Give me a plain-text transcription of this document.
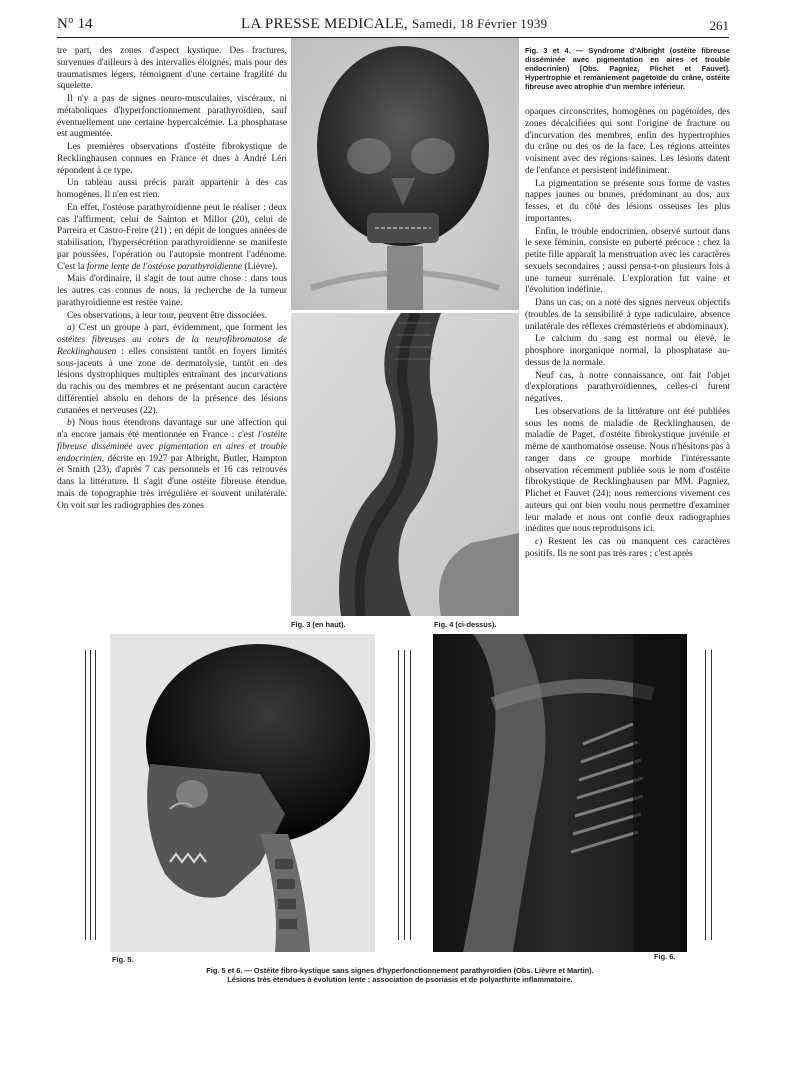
N° 14	LA PRESSE MEDICALE, Samedi, 18 Février 1939	261

tre part, des zones d'aspect kystique. Des fractures, survenues d'ailleurs à des intervalles éloignés, mais pour des traumatismes légers, témoignent d'une certaine fragilité du squelette.

Il n'y a pas de signes neuro-musculaires, viscéraux, ni métaboliques d'hyperfonctionnement parathyroïdien, sauf éventuellement une certaine hypercalcémie. La phosphatase est augmentée.

Les premières observations d'ostéite fibrokystique de Recklinghausen connues en France et dues à André Léri répondent à ce type.

Un tableau aussi précis paraît appartenir à des cas homogènes. Il n'en est rien.

En effet, l'ostéose parathyroïdienne peut le réaliser : deux cas l'affirment, celui de Sainton et Millot (20), celui de Parreira et Castro-Freire (21) ; en dépit de longues années de stabilisation, l'hypersécrétion parathyroïdienne se manifeste par poussées, l'opération ou l'autopsie montrent l'adénome. C'est la forme lente de l'ostéose parathyroïdienne (Lièvre).

Mais d'ordinaire, il s'agit de tout autre chose : dans tous les autres cas connus de nous, la recherche de la tumeur parathyroïdienne est restée vaine.

Ces observations, à leur tour, peuvent être dissociées.

a) C'est un groupe à part, évidemment, que forment les ostéites fibreuses au cours de la neurofibromatose de Recklinghausen : elles consistent tantôt en foyers limités sous-jacents à une zone de dermatolysie, tantôt en des lésions dystrophiques multiples entraînant des incurvations du rachis ou des membres et ne présentant aucun caractère différentiel absolu en dehors de la présence des lésions cutanées et nerveuses (22).

b) Nous nous étendrons davantage sur une affection qui n'a encore jamais été mentionnée en France : c'est l'ostéite fibreuse disséminée avec pigmentation en aires et trouble endocrinien, décrite en 1927 par Albright, Butler, Hampton et Smith (23), d'après 7 cas personnels et 16 cas retrouvés dans la littérature. Il s'agit d'une ostéite fibreuse étendue, mais de topographie très irrégulière et souvent unilatérale. On voit sur les radiographies des zones

Fig. 3 et 4. — Syndrome d'Albright (ostéite fibreuse disséminée avec pigmentation en aires et trouble endocrinien) [Obs. Pagniez, Plichet et Fauvet]. Hypertrophie et remaniement pagétoïde du crâne, ostéite fibreuse avec atrophie d'un membre inférieur.

opaques circonscrites, homogènes ou pagétoïdes, des zones décalcifiées qui sont l'origine de fracture ou d'incurvation des membres, enfin des hypertrophies du crâne ou des os de la face. Les régions atteintes voisinent avec des régions saines. Les lésions datent de l'enfance et persistent indéfiniment.

La pigmentation se présente sous forme de vastes nappes jaunes ou brunes, prédominant au dos, aux fesses, et du côté des lésions osseuses les plus importantes.

Enfin, le trouble endocrinien, observé surtout dans le sexe féminin, consiste en puberté précoce : chez la petite fille apparaît la menstruation avec les caractères sexuels secondaires ; aussi pensa-t-on plusieurs fois à une tumeur surrénale. L'exploration fut vaine et l'évolution indéfinie.

Dans un cas, on a noté des signes nerveux objectifs (troubles de la sensibilité à type radiculaire, absence unilatérale des réflexes crémastériens et abdominaux).

Le calcium du sang est normal ou élevé, le phosphore inorganique normal, la phosphatase au-dessus de la normale.

Neuf cas, à notre connaissance, ont fait l'objet d'explorations parathyroïdiennes, celles-ci furent négatives.

Les observations de la littérature ont été publiées sous les noms de maladie de Recklinghausen, de maladie de Paget, d'ostéite fibrokystique juvénile et même de xanthomatose osseuse. Nous n'hésitons pas à ranger dans ce groupe morbide l'intéressante observation récemment publiée sous le nom d'ostéite fibrokystique de Recklinghausen par MM. Pagniez, Plichet et Fauvet (24); nous remercions vivement ces auteurs qui ont bien voulu nous permettre d'examiner leur malade et nous ont confié deux radiographies inédites que nous reproduisons ici.

c) Restent les cas où manquent ces caractères positifs. Ils ne sont pas très rares ; c'est après

Fig. 3 (en haut).	Fig. 4 (ci-dessus).
Fig. 5.	Fig. 6.
Fig. 5 et 6. — Ostéite fibro-kystique sans signes d'hyperfonctionnement parathyroïdien (Obs. Lièvre et Martin).
Lésions très étendues à évolution lente ; association de psoriasis et de polyarthrite inflammatoire.
